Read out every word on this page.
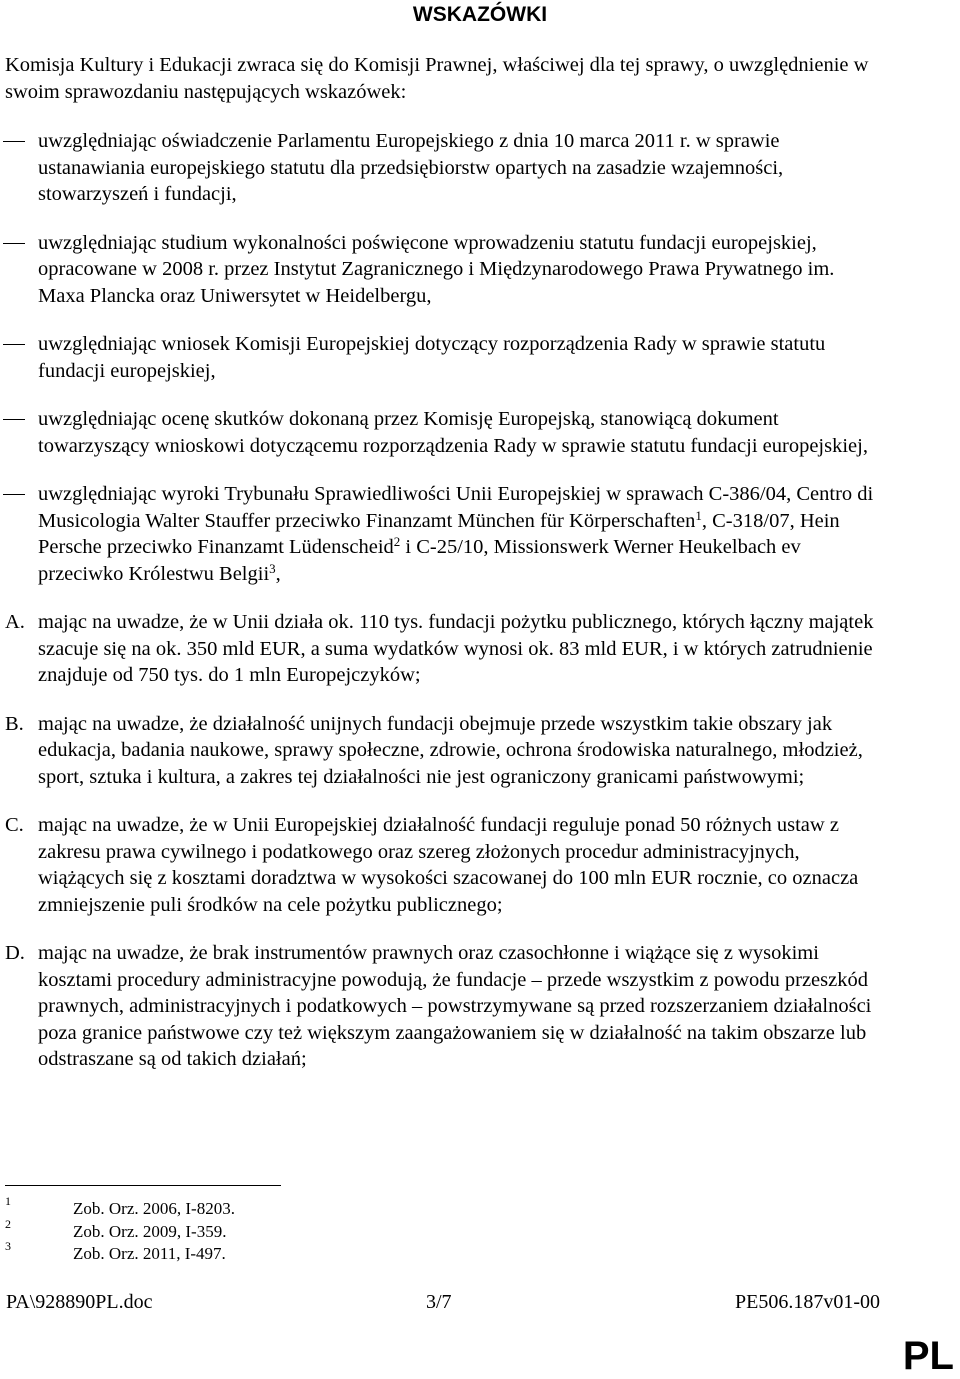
WSKAZÓWKI
Komisja Kultury i Edukacji zwraca się do Komisji Prawnej, właściwej dla tej sprawy, o uwzględnienie w swoim sprawozdaniu następujących wskazówek:
uwzględniając oświadczenie Parlamentu Europejskiego z dnia 10 marca 2011 r. w sprawie ustanawiania europejskiego statutu dla przedsiębiorstw opartych na zasadzie wzajemności, stowarzyszeń i fundacji,
uwzględniając studium wykonalności poświęcone wprowadzeniu statutu fundacji europejskiej, opracowane w 2008 r. przez Instytut Zagranicznego i Międzynarodowego Prawa Prywatnego im. Maxa Plancka oraz Uniwersytet w Heidelbergu,
uwzględniając wniosek Komisji Europejskiej dotyczący rozporządzenia Rady w sprawie statutu fundacji europejskiej,
uwzględniając ocenę skutków dokonaną przez Komisję Europejską, stanowiącą dokument towarzyszący wnioskowi dotyczącemu rozporządzenia Rady w sprawie statutu fundacji europejskiej,
uwzględniając wyroki Trybunału Sprawiedliwości Unii Europejskiej w sprawach C-386/04, Centro di Musicologia Walter Stauffer przeciwko Finanzamt München für Körperschaften$^1$, C-318/07, Hein Persche przeciwko Finanzamt Lüdenscheid$^2$ i C-25/10, Missionswerk Werner Heukelbach ev przeciwko Królestwu Belgii$^3$,
A. mając na uwadze, że w Unii działa ok. 110 tys. fundacji pożytku publicznego, których łączny majątek szacuje się na ok. 350 mld EUR, a suma wydatków wynosi ok. 83 mld EUR, i w których zatrudnienie znajduje od 750 tys. do 1 mln Europejczyków;
B. mając na uwadze, że działalność unijnych fundacji obejmuje przede wszystkim takie obszary jak edukacja, badania naukowe, sprawy społeczne, zdrowie, ochrona środowiska naturalnego, młodzież, sport, sztuka i kultura, a zakres tej działalności nie jest ograniczony granicami państwowymi;
C. mając na uwadze, że w Unii Europejskiej działalność fundacji reguluje ponad 50 różnych ustaw z zakresu prawa cywilnego i podatkowego oraz szereg złożonych procedur administracyjnych, wiążących się z kosztami doradztwa w wysokości szacowanej do 100 mln EUR rocznie, co oznacza zmniejszenie puli środków na cele pożytku publicznego;
D. mając na uwadze, że brak instrumentów prawnych oraz czasochłonne i wiążące się z wysokimi kosztami procedury administracyjne powodują, że fundacje – przede wszystkim z powodu przeszkód prawnych, administracyjnych i podatkowych – powstrzymywane są przed rozszerzaniem działalności poza granice państwowe czy też większym zaangażowaniem się w działalność na takim obszarze lub odstraszane są od takich działań;
1	Zob. Orz. 2006, I-8203.
2	Zob. Orz. 2009, I-359.
3	Zob. Orz. 2011, I-497.
PA\928890PL.doc	3/7	PE506.187v01-00
PL
